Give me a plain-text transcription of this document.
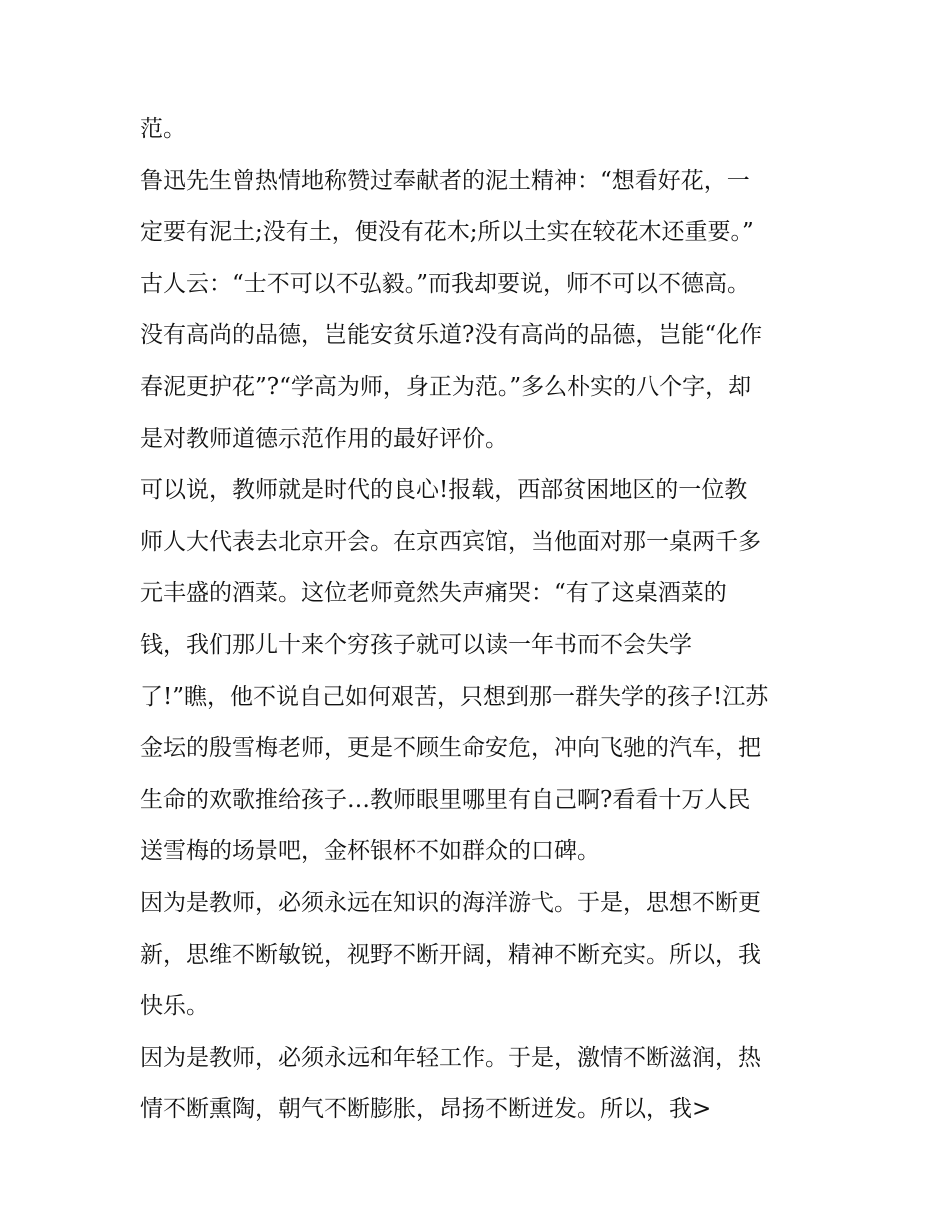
范。
鲁迅先生曾热情地称赞过奉献者的泥土精神：“想看好花，一
定要有泥土;没有土，便没有花木;所以土实在较花木还重要。”
古人云：“士不可以不弘毅。”而我却要说，师不可以不德高。
没有高尚的品德，岂能安贫乐道?没有高尚的品德，岂能“化作
春泥更护花”?“学高为师，身正为范。”多么朴实的八个字，却
是对教师道德示范作用的最好评价。
可以说，教师就是时代的良心!报载，西部贫困地区的一位教
师人大代表去北京开会。在京西宾馆，当他面对那一桌两千多
元丰盛的酒菜。这位老师竟然失声痛哭：“有了这桌酒菜的
钱，我们那儿十来个穷孩子就可以读一年书而不会失学
了!”瞧，他不说自己如何艰苦，只想到那一群失学的孩子!江苏
金坛的殷雪梅老师，更是不顾生命安危，冲向飞驰的汽车，把
生命的欢歌推给孩子…教师眼里哪里有自己啊?看看十万人民
送雪梅的场景吧，金杯银杯不如群众的口碑。
因为是教师，必须永远在知识的海洋游弋。于是，思想不断更
新，思维不断敏锐，视野不断开阔，精神不断充实。所以，我
快乐。
因为是教师，必须永远和年轻工作。于是，激情不断滋润，热
情不断熏陶，朝气不断膨胀，昂扬不断迸发。所以，我>
